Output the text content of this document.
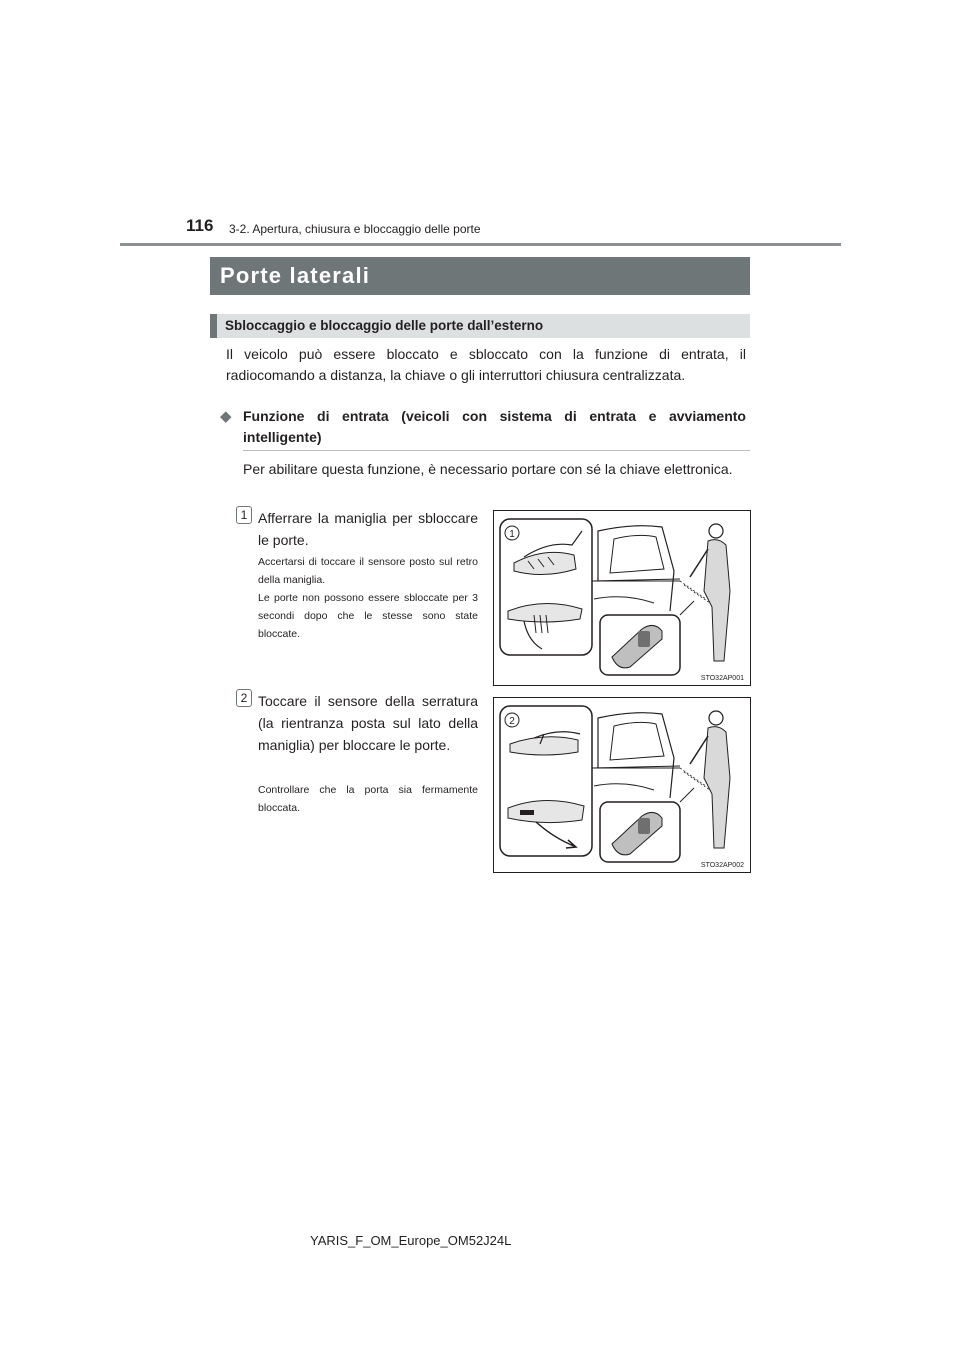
116 3-2. Apertura, chiusura e bloccaggio delle porte
Porte laterali
Sbloccaggio e bloccaggio delle porte dall’esterno
Il veicolo può essere bloccato e sbloccato con la funzione di entrata, il radiocomando a distanza, la chiave o gli interruttori chiusura centralizzata.
◆ Funzione di entrata (veicoli con sistema di entrata e avviamento intelligente)
Per abilitare questa funzione, è necessario portare con sé la chiave elettronica.
1 Afferrare la maniglia per sbloccare le porte.
Accertarsi di toccare il sensore posto sul retro della maniglia.
Le porte non possono essere sbloccate per 3 secondi dopo che le stesse sono state bloccate.
1
STO32AP001
2 Toccare il sensore della serratura (la rientranza posta sul lato della maniglia) per bloccare le porte.
Controllare che la porta sia fermamente bloccata.
2
STO32AP002
YARIS_F_OM_Europe_OM52J24L
